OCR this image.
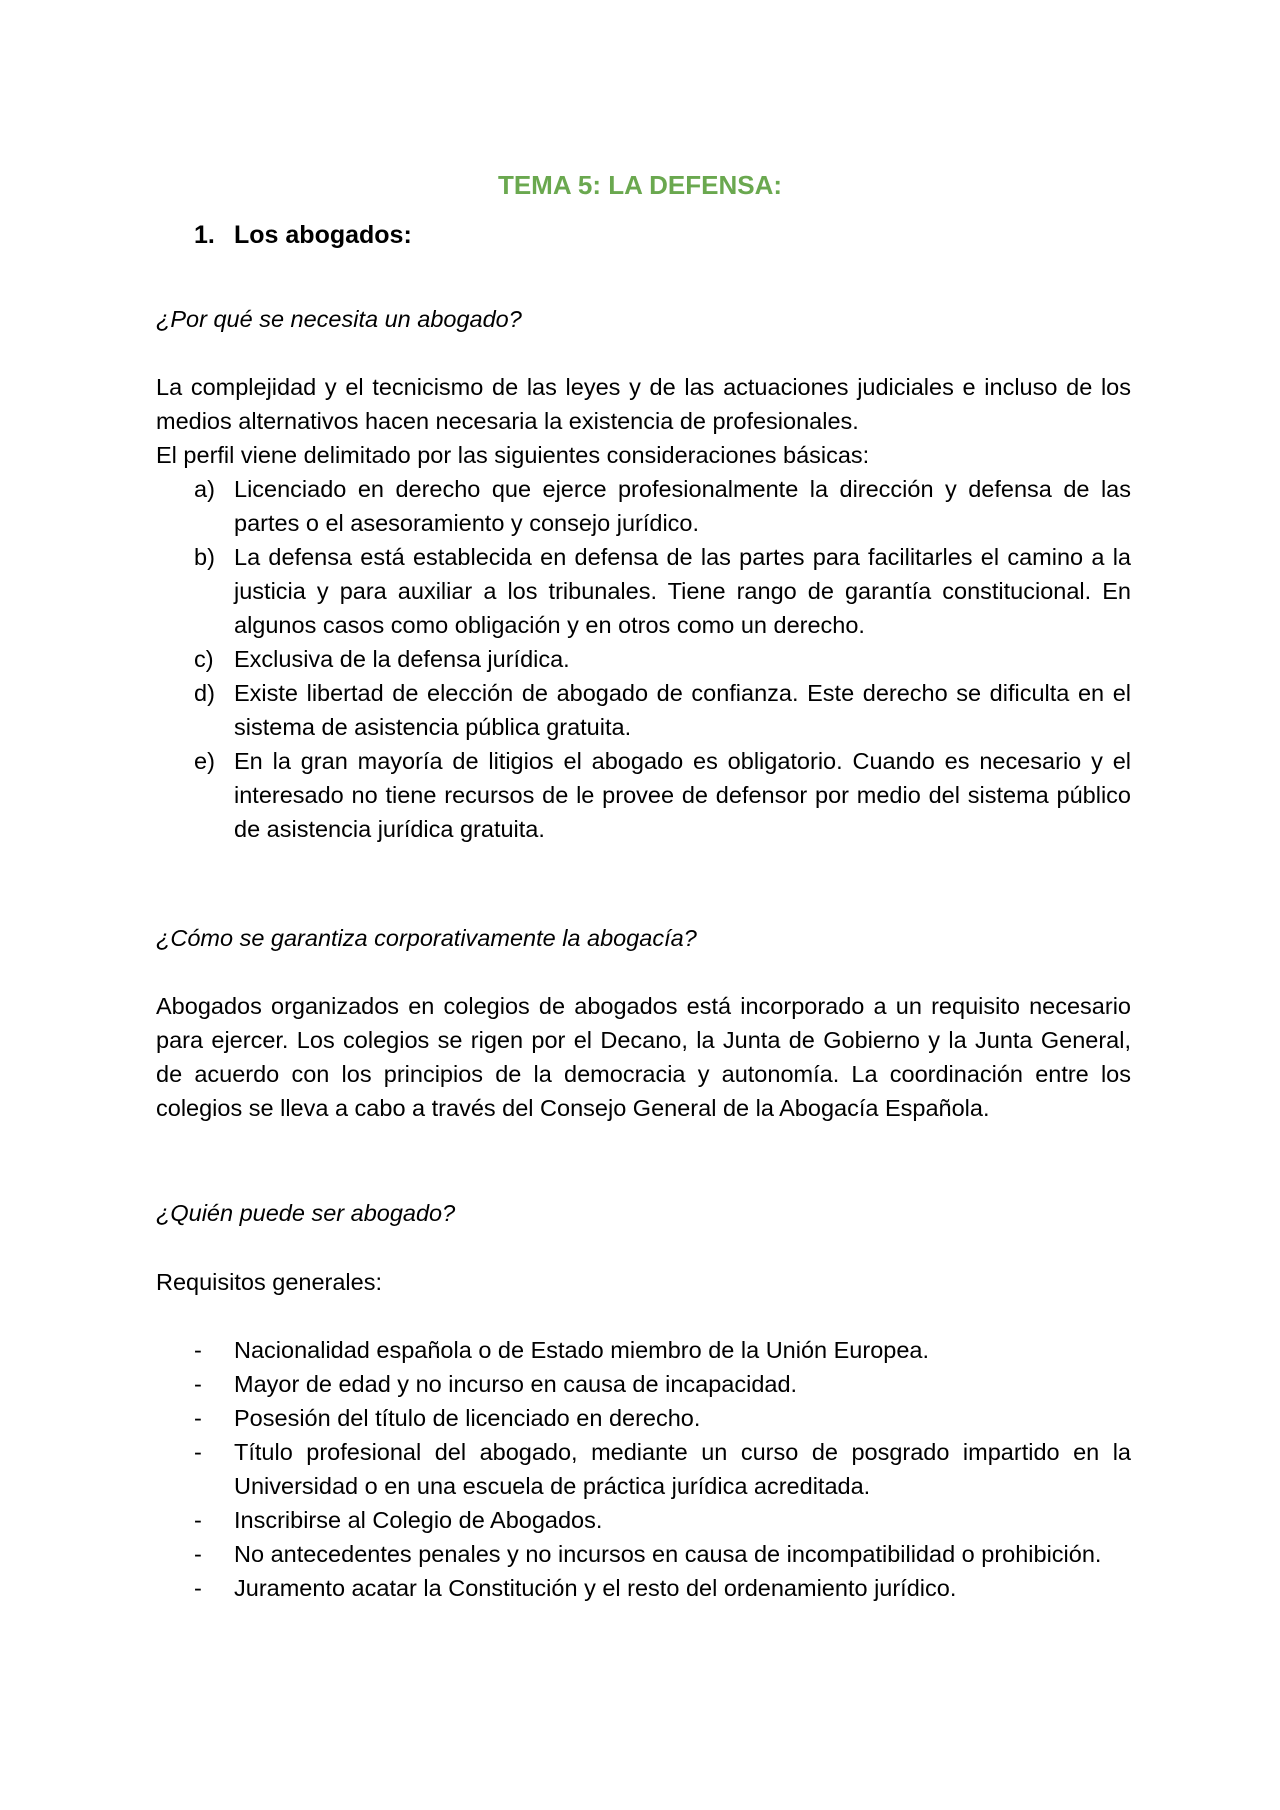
TEMA 5: LA DEFENSA:
1. Los abogados:
¿Por qué se necesita un abogado?

La complejidad y el tecnicismo de las leyes y de las actuaciones judiciales e incluso de los medios alternativos hacen necesaria la existencia de profesionales.

El perfil viene delimitado por las siguientes consideraciones básicas:

a) Licenciado en derecho que ejerce profesionalmente la dirección y defensa de las partes o el asesoramiento y consejo jurídico.
b) La defensa está establecida en defensa de las partes para facilitarles el camino a la justicia y para auxiliar a los tribunales. Tiene rango de garantía constitucional. En algunos casos como obligación y en otros como un derecho.
c) Exclusiva de la defensa jurídica.
d) Existe libertad de elección de abogado de confianza. Este derecho se dificulta en el sistema de asistencia pública gratuita.
e) En la gran mayoría de litigios el abogado es obligatorio. Cuando es necesario y el interesado no tiene recursos de le provee de defensor por medio del sistema público de asistencia jurídica gratuita.
¿Cómo se garantiza corporativamente la abogacía?
Abogados organizados en colegios de abogados está incorporado a un requisito necesario para ejercer. Los colegios se rigen por el Decano, la Junta de Gobierno y la Junta General, de acuerdo con los principios de la democracia y autonomía. La coordinación entre los colegios se lleva a cabo a través del Consejo General de la Abogacía Española.
¿Quién puede ser abogado?
Requisitos generales:
- Nacionalidad española o de Estado miembro de la Unión Europea.
- Mayor de edad y no incurso en causa de incapacidad.
- Posesión del título de licenciado en derecho.
- Título profesional del abogado, mediante un curso de posgrado impartido en la Universidad o en una escuela de práctica jurídica acreditada.
- Inscribirse al Colegio de Abogados.
- No antecedentes penales y no incursos en causa de incompatibilidad o prohibición.
- Juramento acatar la Constitución y el resto del ordenamiento jurídico.
